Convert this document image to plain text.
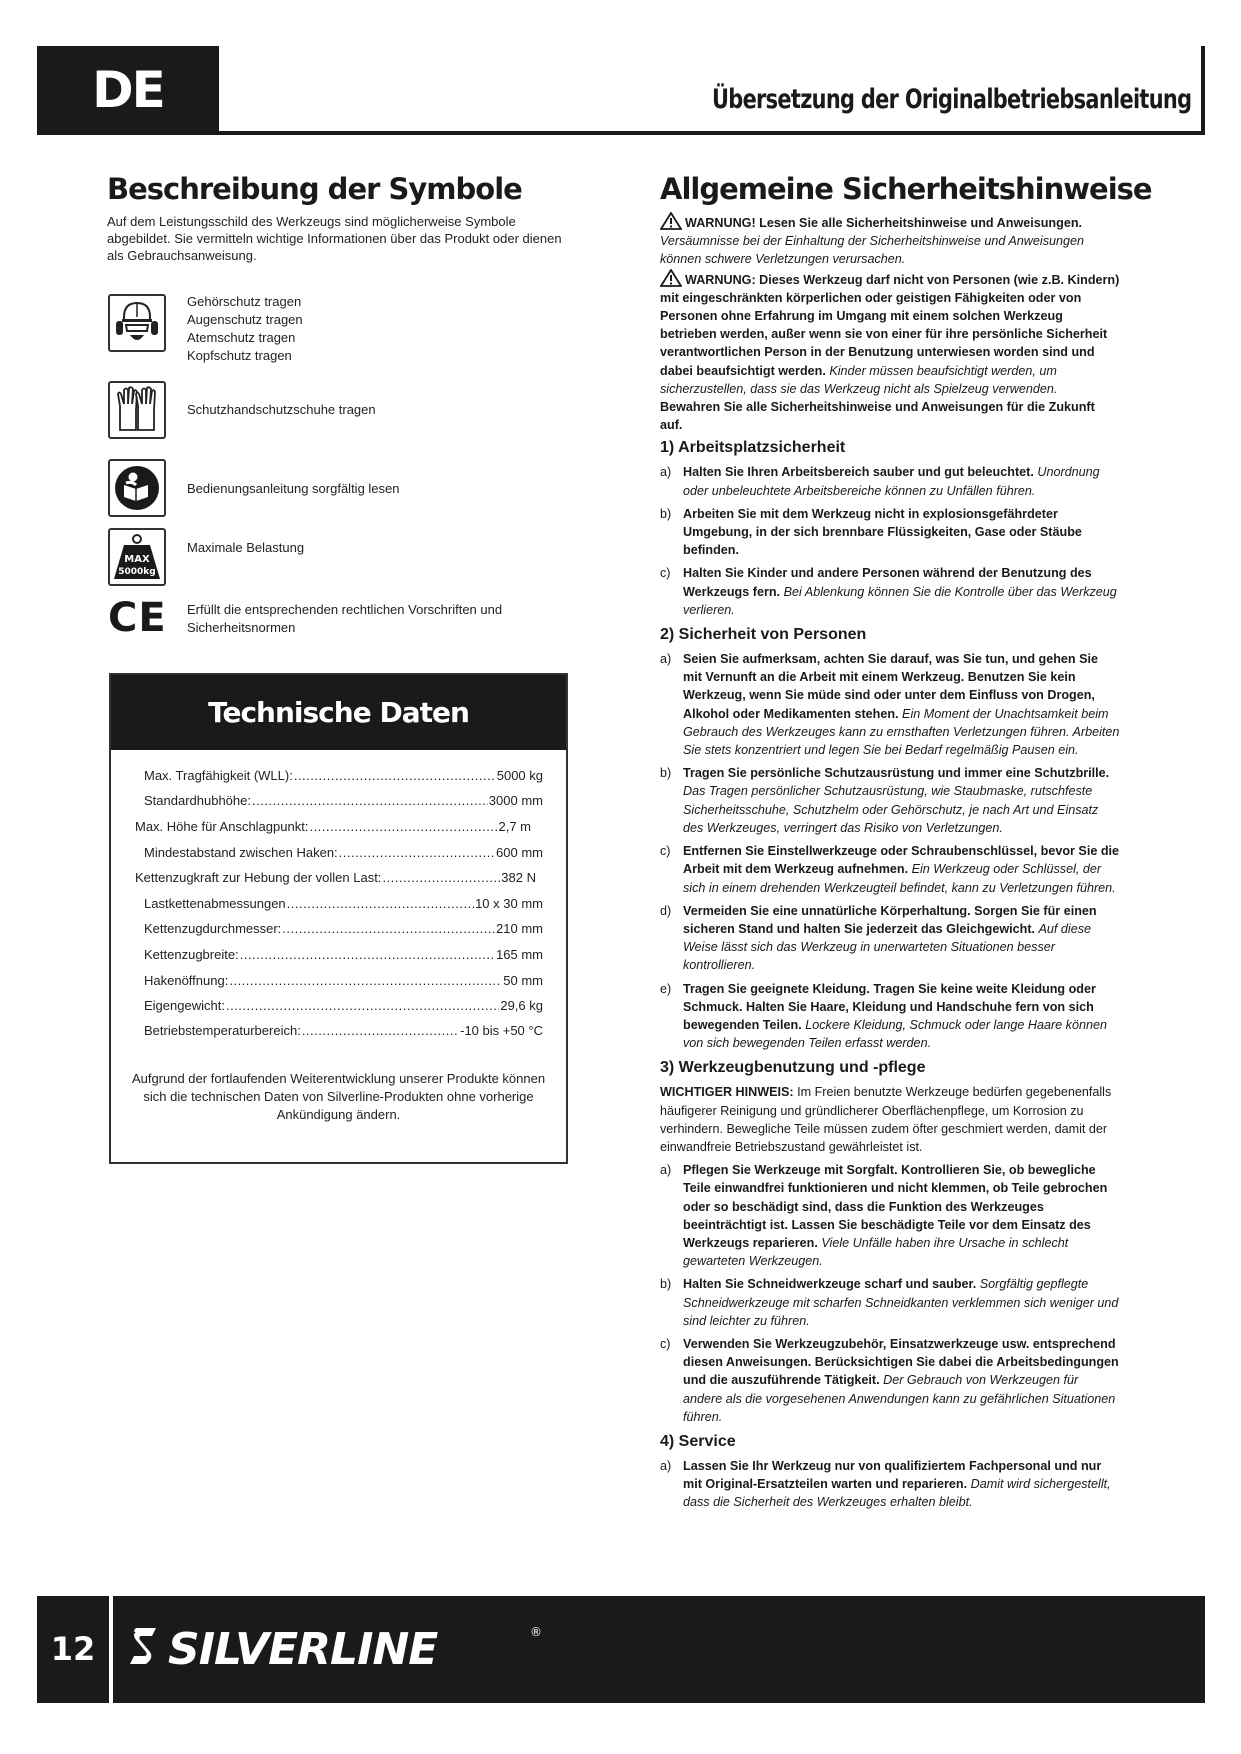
DE	Übersetzung der Originalbetriebsanleitung
Beschreibung der Symbole
Auf dem Leistungsschild des Werkzeugs sind möglicherweise Symbole abgebildet. Sie vermitteln wichtige Informationen über das Produkt oder dienen als Gebrauchsanweisung.
Gehörschutz tragen
Augenschutz tragen
Atemschutz tragen
Kopfschutz tragen
Schutzhandschutzschuhe tragen
Bedienungsanleitung sorgfältig lesen
MAX
5000kg
Maximale Belastung
CE Erfüllt die entsprechenden rechtlichen Vorschriften und Sicherheitsnormen
Technische Daten
Max. Tragfähigkeit (WLL): .....	5000 kg
Standardhubhöhe: .....	3000 mm
Max. Höhe für Anschlagpunkt: .....	2,7 m
Mindestabstand zwischen Haken: .....	600 mm
Kettenzugkraft zur Hebung der vollen Last: .....	382 N
Lastkettenabmessungen .....	10 x 30 mm
Kettenzugdurchmesser: .....	210 mm
Kettenzugbreite: .....	165 mm
Hakenöffnung: .....	50 mm
Eigengewicht: .....	29,6 kg
Betriebstemperaturbereich: .....	-10 bis +50 °C
Aufgrund der fortlaufenden Weiterentwicklung unserer Produkte können sich die technischen Daten von Silverline-Produkten ohne vorherige Ankündigung ändern.
Allgemeine Sicherheitshinweise

WARNUNG! Lesen Sie alle Sicherheitshinweise und Anweisungen.

Versäumnisse bei der Einhaltung der Sicherheitshinweise und Anweisungen können schwere Verletzungen verursachen.

WARNUNG: Dieses Werkzeug darf nicht von Personen (wie z.B. Kindern) mit eingeschränkten körperlichen oder geistigen Fähigkeiten oder von Personen ohne Erfahrung im Umgang mit einem solchen Werkzeug betrieben werden, außer wenn sie von einer für ihre persönliche Sicherheit verantwortlichen Person in der Benutzung unterwiesen worden sind und dabei beaufsichtigt werden. Kinder müssen beaufsichtigt werden, um sicherzustellen, dass sie das Werkzeug nicht als Spielzeug verwenden.

Bewahren Sie alle Sicherheitshinweise und Anweisungen für die Zukunft auf.

1) Arbeitsplatzsicherheit
a) Halten Sie Ihren Arbeitsbereich sauber und gut beleuchtet. Unordnung oder unbeleuchtete Arbeitsbereiche können zu Unfällen führen.
b) Arbeiten Sie mit dem Werkzeug nicht in explosionsgefährdeter Umgebung, in der sich brennbare Flüssigkeiten, Gase oder Stäube befinden.
c) Halten Sie Kinder und andere Personen während der Benutzung des Werkzeugs fern. Bei Ablenkung können Sie die Kontrolle über das Werkzeug verlieren.
2) Sicherheit von Personen
a) Seien Sie aufmerksam, achten Sie darauf, was Sie tun, und gehen Sie mit Vernunft an die Arbeit mit einem Werkzeug. Benutzen Sie kein Werkzeug, wenn Sie müde sind oder unter dem Einfluss von Drogen, Alkohol oder Medikamenten stehen. Ein Moment der Unachtsamkeit beim Gebrauch des Werkzeuges kann zu ernsthaften Verletzungen führen. Arbeiten Sie stets konzentriert und legen Sie bei Bedarf regelmäßig Pausen ein.
b) Tragen Sie persönliche Schutzausrüstung und immer eine Schutzbrille. Das Tragen persönlicher Schutzausrüstung, wie Staubmaske, rutschfeste Sicherheitsschuhe, Schutzhelm oder Gehörschutz, je nach Art und Einsatz des Werkzeuges, verringert das Risiko von Verletzungen.
c) Entfernen Sie Einstellwerkzeuge oder Schraubenschlüssel, bevor Sie die Arbeit mit dem Werkzeug aufnehmen. Ein Werkzeug oder Schlüssel, der sich in einem drehenden Werkzeugteil befindet, kann zu Verletzungen führen.
d) Vermeiden Sie eine unnatürliche Körperhaltung. Sorgen Sie für einen sicheren Stand und halten Sie jederzeit das Gleichgewicht. Auf diese Weise lässt sich das Werkzeug in unerwarteten Situationen besser kontrollieren.
e) Tragen Sie geeignete Kleidung. Tragen Sie keine weite Kleidung oder Schmuck. Halten Sie Haare, Kleidung und Handschuhe fern von sich bewegenden Teilen. Lockere Kleidung, Schmuck oder lange Haare können von sich bewegenden Teilen erfasst werden.
3) Werkzeugbenutzung und -pflege

WICHTIGER HINWEIS: Im Freien benutzte Werkzeuge bedürfen gegebenenfalls häufigerer Reinigung und gründlicherer Oberflächenpflege, um Korrosion zu verhindern. Bewegliche Teile müssen zudem öfter geschmiert werden, damit der einwandfreie Betriebszustand gewährleistet ist.

a) Pflegen Sie Werkzeuge mit Sorgfalt. Kontrollieren Sie, ob bewegliche Teile einwandfrei funktionieren und nicht klemmen, ob Teile gebrochen oder so beschädigt sind, dass die Funktion des Werkzeuges beeinträchtigt ist. Lassen Sie beschädigte Teile vor dem Einsatz des Werkzeugs reparieren. Viele Unfälle haben ihre Ursache in schlecht gewarteten Werkzeugen.
b) Halten Sie Schneidwerkzeuge scharf und sauber. Sorgfältig gepflegte Schneidwerkzeuge mit scharfen Schneidkanten verklemmen sich weniger und sind leichter zu führen.
c) Verwenden Sie Werkzeugzubehör, Einsatzwerkzeuge usw. entsprechend diesen Anweisungen. Berücksichtigen Sie dabei die Arbeitsbedingungen und die auszuführende Tätigkeit. Der Gebrauch von Werkzeugen für andere als die vorgesehenen Anwendungen kann zu gefährlichen Situationen führen.
4) Service
a) Lassen Sie Ihr Werkzeug nur von qualifiziertem Fachpersonal und nur mit Original-Ersatzteilen warten und reparieren. Damit wird sichergestellt, dass die Sicherheit des Werkzeuges erhalten bleibt.
12	SILVERLINE	®
